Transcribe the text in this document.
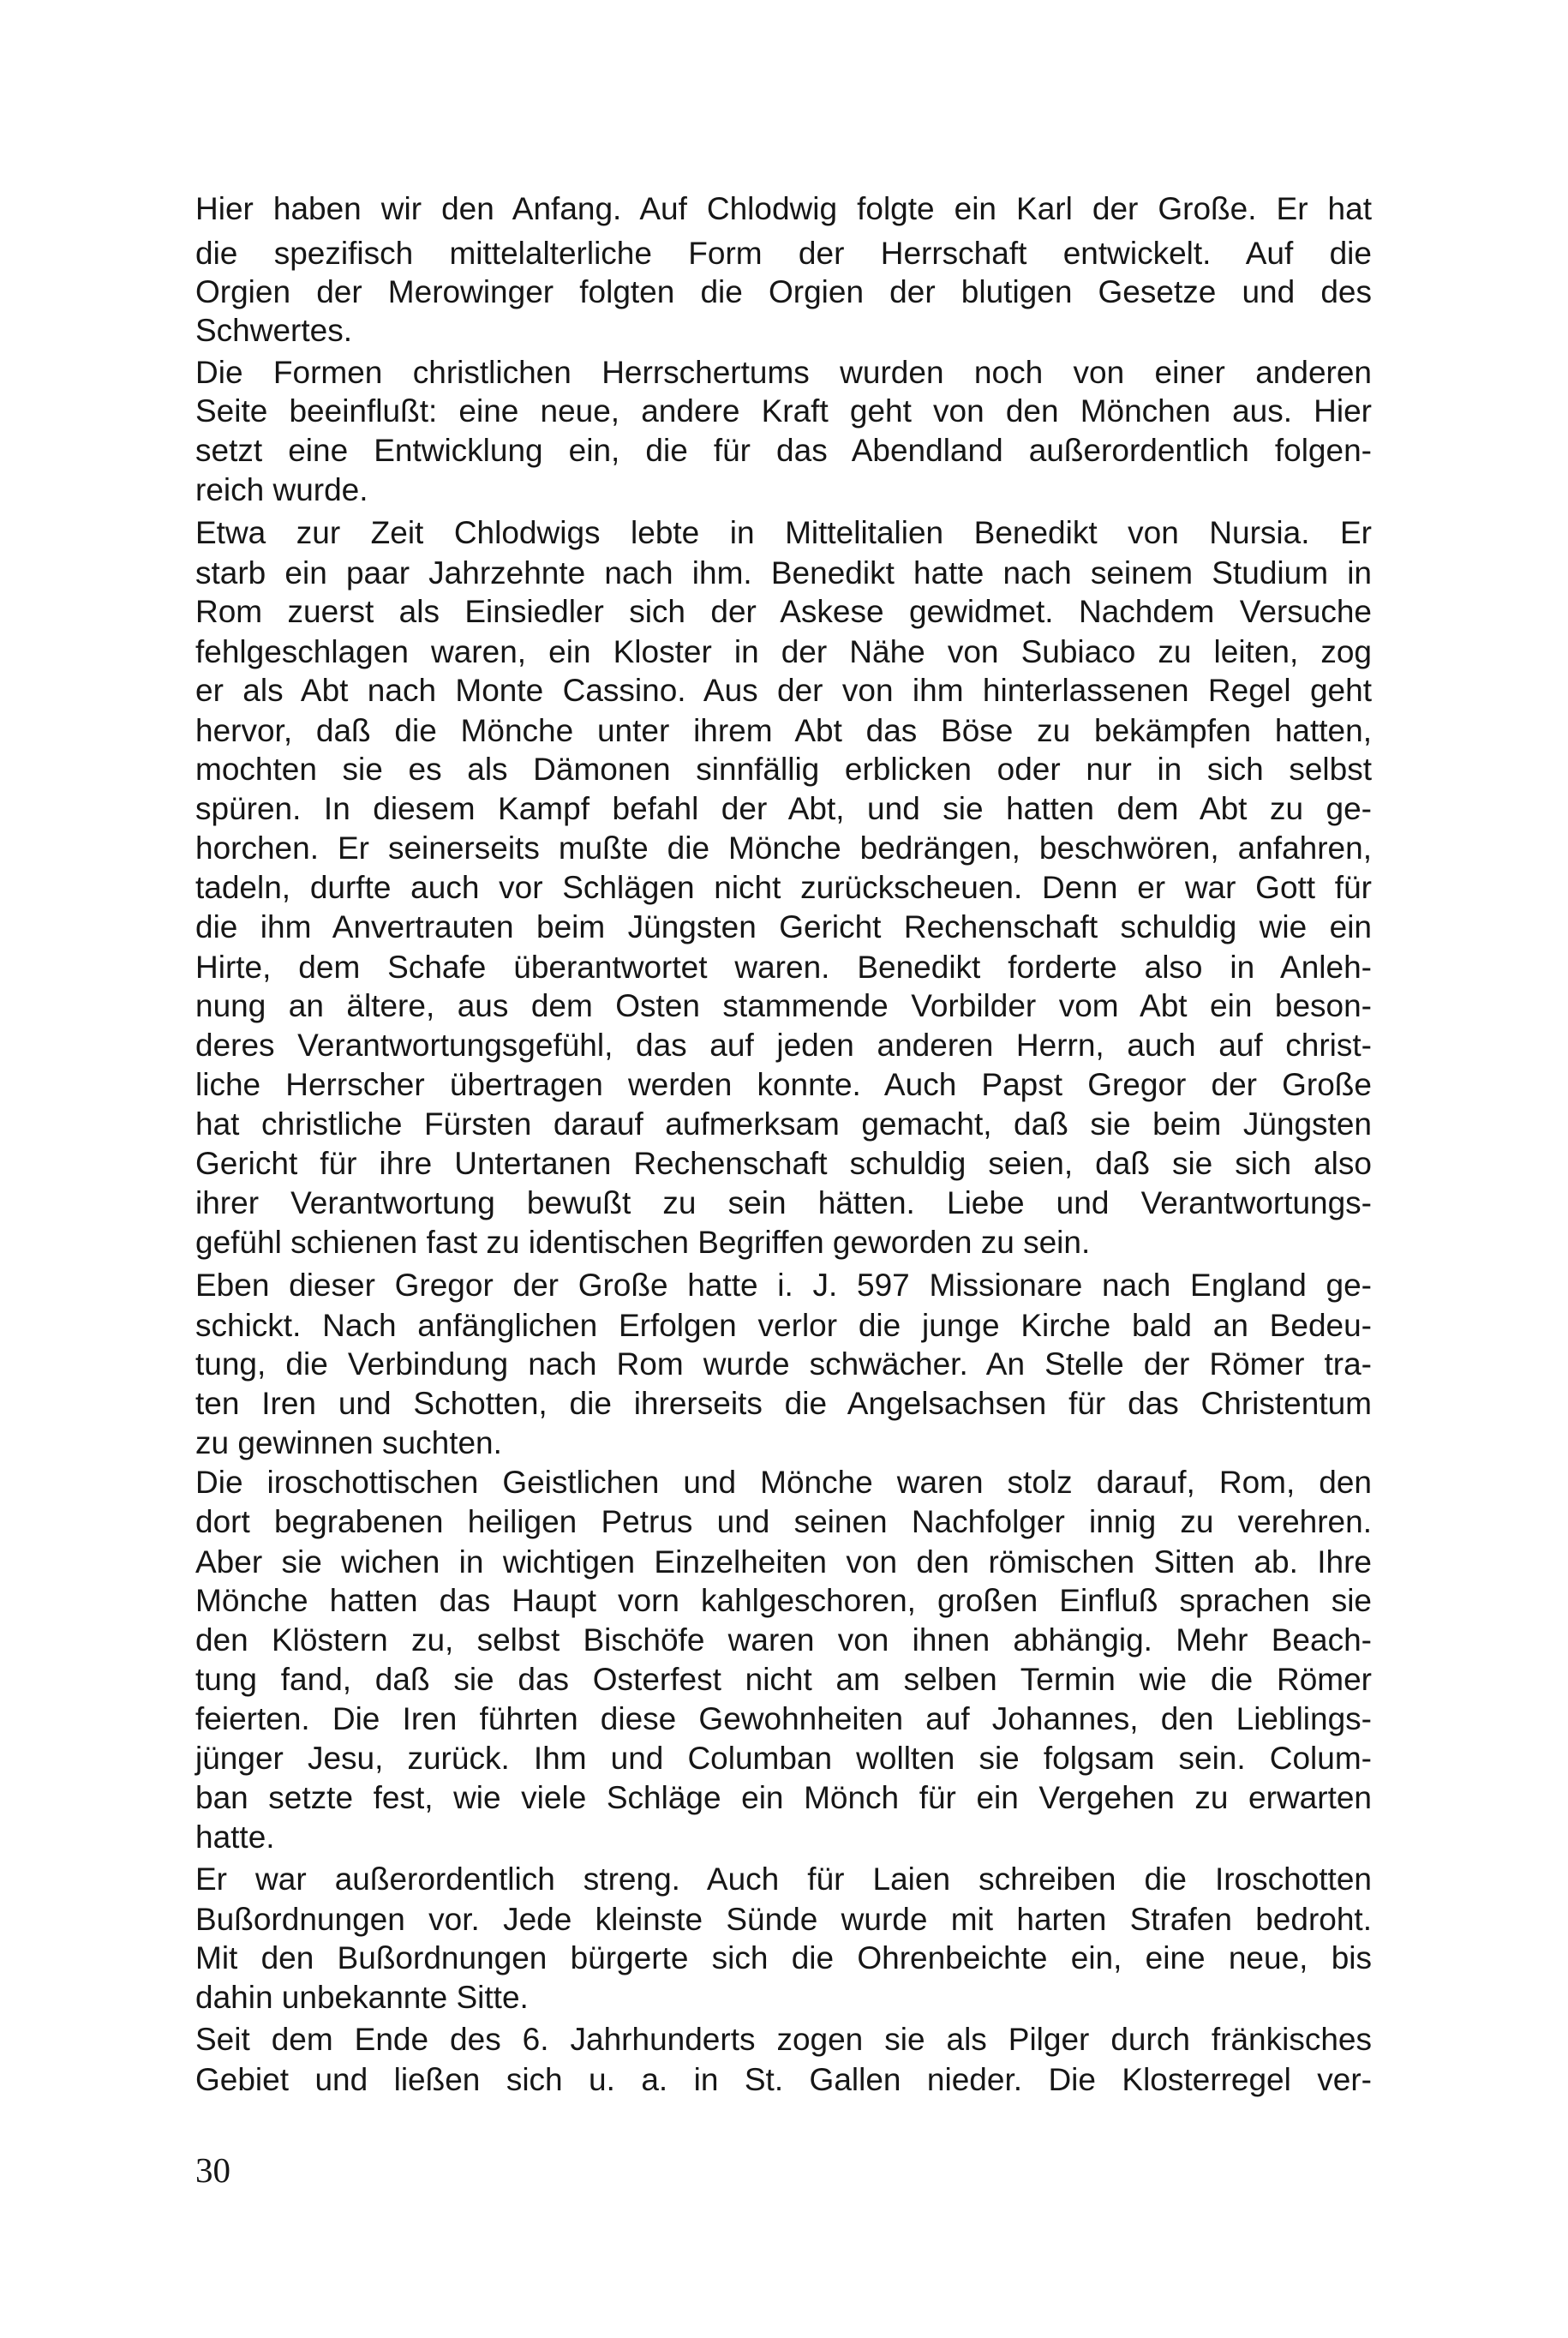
Hier haben wir den Anfang. Auf Chlodwig folgte ein Karl der Große. Er hat
die spezifisch mittelalterliche Form der Herrschaft entwickelt. Auf die
Orgien der Merowinger folgten die Orgien der blutigen Gesetze und des
Schwertes.
Die Formen christlichen Herrschertums wurden noch von einer anderen
Seite beeinflußt: eine neue, andere Kraft geht von den Mönchen aus. Hier
setzt eine Entwicklung ein, die für das Abendland außerordentlich folgen-
reich wurde.
Etwa zur Zeit Chlodwigs lebte in Mittelitalien Benedikt von Nursia. Er
starb ein paar Jahrzehnte nach ihm. Benedikt hatte nach seinem Studium in
Rom zuerst als Einsiedler sich der Askese gewidmet. Nachdem Versuche
fehlgeschlagen waren, ein Kloster in der Nähe von Subiaco zu leiten, zog
er als Abt nach Monte Cassino. Aus der von ihm hinterlassenen Regel geht
hervor, daß die Mönche unter ihrem Abt das Böse zu bekämpfen hatten,
mochten sie es als Dämonen sinnfällig erblicken oder nur in sich selbst
spüren. In diesem Kampf befahl der Abt, und sie hatten dem Abt zu ge-
horchen. Er seinerseits mußte die Mönche bedrängen, beschwören, anfahren,
tadeln, durfte auch vor Schlägen nicht zurückscheuen. Denn er war Gott für
die ihm Anvertrauten beim Jüngsten Gericht Rechenschaft schuldig wie ein
Hirte, dem Schafe überantwortet waren. Benedikt forderte also in Anleh-
nung an ältere, aus dem Osten stammende Vorbilder vom Abt ein beson-
deres Verantwortungsgefühl, das auf jeden anderen Herrn, auch auf christ-
liche Herrscher übertragen werden konnte. Auch Papst Gregor der Große
hat christliche Fürsten darauf aufmerksam gemacht, daß sie beim Jüngsten
Gericht für ihre Untertanen Rechenschaft schuldig seien, daß sie sich also
ihrer Verantwortung bewußt zu sein hätten. Liebe und Verantwortungs-
gefühl schienen fast zu identischen Begriffen geworden zu sein.
Eben dieser Gregor der Große hatte i. J. 597 Missionare nach England ge-
schickt. Nach anfänglichen Erfolgen verlor die junge Kirche bald an Bedeu-
tung, die Verbindung nach Rom wurde schwächer. An Stelle der Römer tra-
ten Iren und Schotten, die ihrerseits die Angelsachsen für das Christentum
zu gewinnen suchten.
Die iroschottischen Geistlichen und Mönche waren stolz darauf, Rom, den
dort begrabenen heiligen Petrus und seinen Nachfolger innig zu verehren.
Aber sie wichen in wichtigen Einzelheiten von den römischen Sitten ab. Ihre
Mönche hatten das Haupt vorn kahlgeschoren, großen Einfluß sprachen sie
den Klöstern zu, selbst Bischöfe waren von ihnen abhängig. Mehr Beach-
tung fand, daß sie das Osterfest nicht am selben Termin wie die Römer
feierten. Die Iren führten diese Gewohnheiten auf Johannes, den Lieblings-
jünger Jesu, zurück. Ihm und Columban wollten sie folgsam sein. Colum-
ban setzte fest, wie viele Schläge ein Mönch für ein Vergehen zu erwarten
hatte.
Er war außerordentlich streng. Auch für Laien schreiben die Iroschotten
Bußordnungen vor. Jede kleinste Sünde wurde mit harten Strafen bedroht.
Mit den Bußordnungen bürgerte sich die Ohrenbeichte ein, eine neue, bis
dahin unbekannte Sitte.
Seit dem Ende des 6. Jahrhunderts zogen sie als Pilger durch fränkisches
Gebiet und ließen sich u. a. in St. Gallen nieder. Die Klosterregel ver-
30
